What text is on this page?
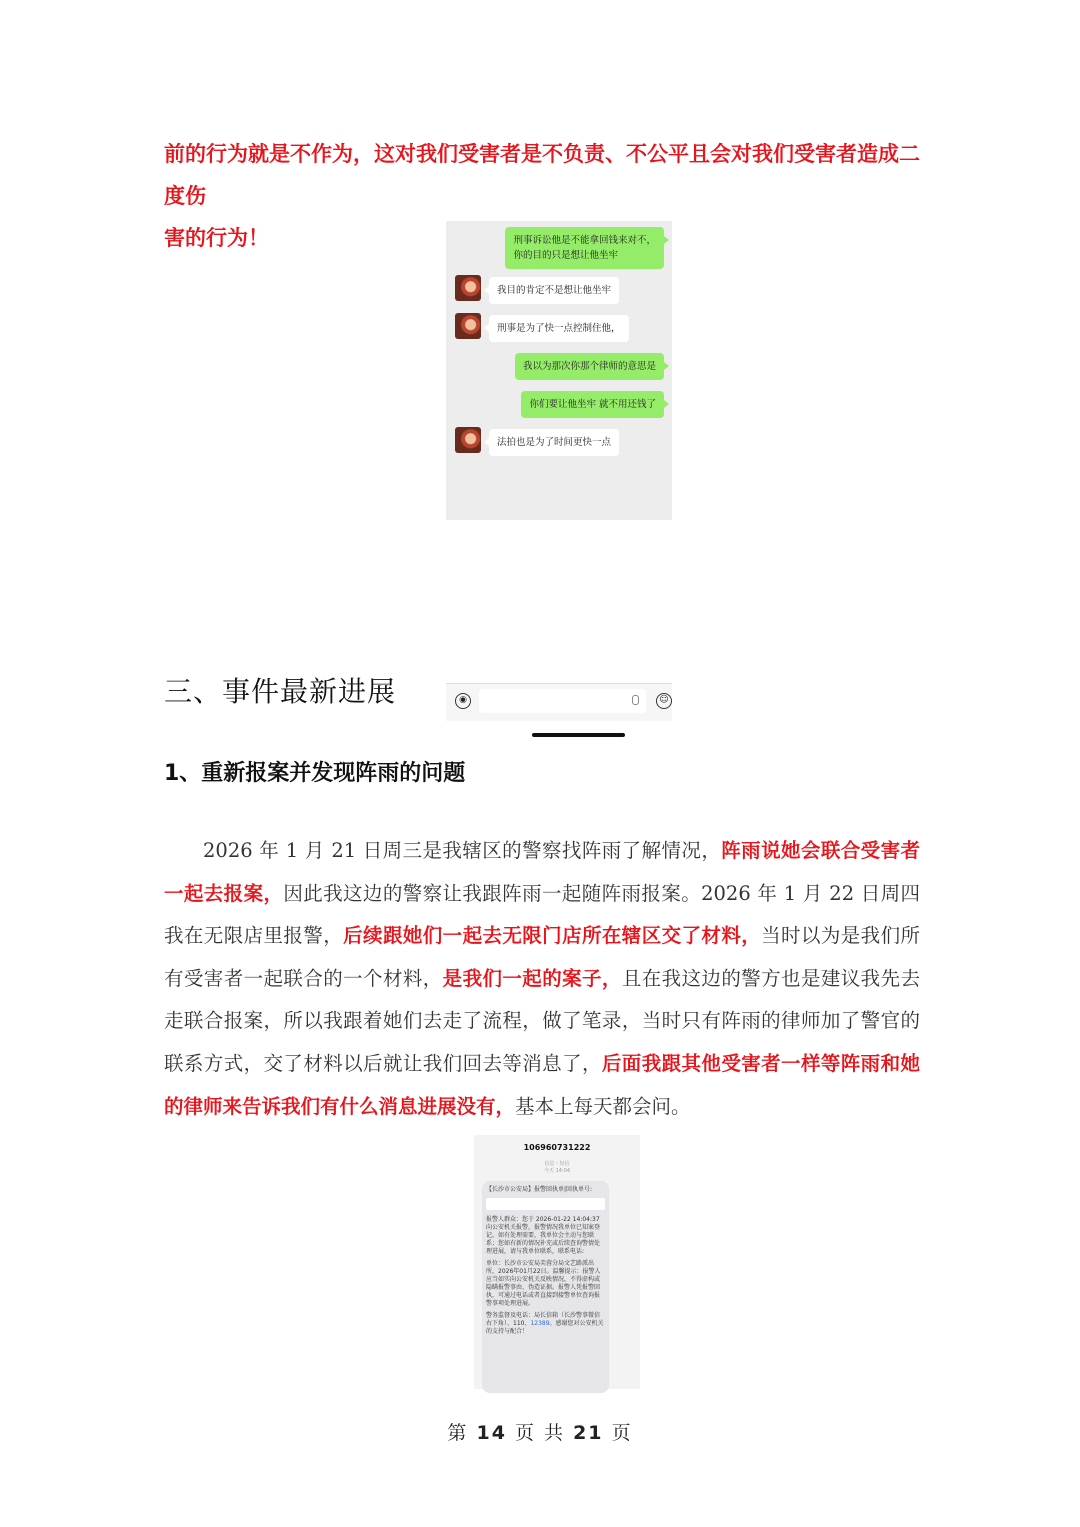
前的行为就是不作为，这对我们受害者是不负责、不公平且会对我们受害者造成二度伤

害的行为！	刑事诉讼他是不能拿回钱来对不，
你的目的只是想让他坐牢
我目的肯定不是想让他坐牢
刑事是为了快一点控制住他，
我以为那次你那个律师的意思是
你们要让他坐牢 就不用还钱了
法拍也是为了时间更快一点
◉	☺
三、事件最新进展
1、重新报案并发现阵雨的问题

2026 年 1 月 21 日周三是我辖区的警察找阵雨了解情况，阵雨说她会联合受害者一起去报案，因此我这边的警察让我跟阵雨一起随阵雨报案。2026 年 1 月 22 日周四我在无限店里报警，后续跟她们一起去无限门店所在辖区交了材料，当时以为是我们所有受害者一起联合的一个材料，是我们一起的案子，且在我这边的警方也是建议我先去走联合报案，所以我跟着她们去走了流程，做了笔录，当时只有阵雨的律师加了警官的联系方式，交了材料以后就让我们回去等消息了，后面我跟其他受害者一样等阵雨和她的律师来告诉我们有什么消息进展没有，基本上每天都会问。

106960731222
信息・短信
今天 14:04

【长沙市公安局】报警回执单|回执单号:

报警人群众：您于 2026-01-22 14:04:37 向公安机关报警，报警情况我单位已知案登记。如有处理需要，我单位会主动与您联系；您如有新的情况补充或后续查询警情处理进展，请与我单位联系，联系电话:

单位：长沙市公安局芙蓉分局文艺路派出所，2026年01月22日。温馨提示：报警人应当如实向公安机关反映情况，不得虚构或隐瞒报警事由、伪造证据。报警人凭报警回执，可通过电话或者直接到接警单位查询报警事项处理进展。

警务监督及电话：局长信箱（长沙警事微信右下角）、110、12389。感谢您对公安机关的支持与配合！

第 14 页 共 21 页
